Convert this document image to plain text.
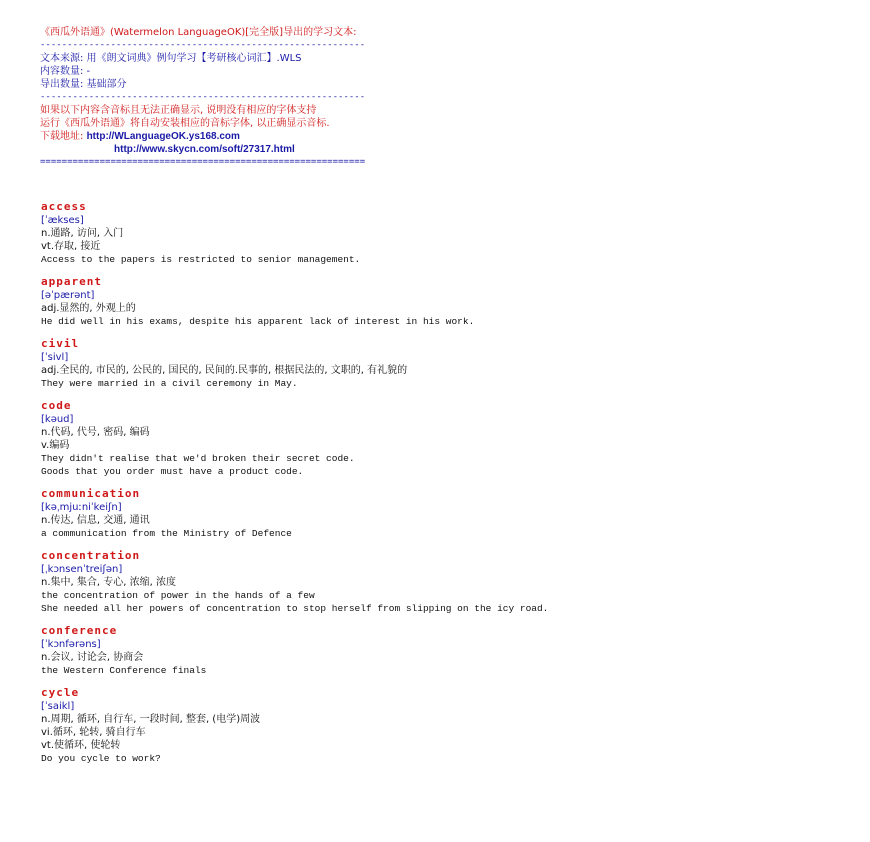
《西瓜外语通》(Watermelon LanguageOK)[完全版]导出的学习文本:
------------------------------------------------------------
文本来源: 用《朗文词典》例句学习【考研核心词汇】.WLS
内容数量: -
导出数量: 基础部分
------------------------------------------------------------
如果以下内容含音标且无法正确显示, 说明没有相应的字体支持
运行《西瓜外语通》将自动安装相应的音标字体, 以正确显示音标.
下载地址: http://WLanguageOK.ys168.com
http://www.skycn.com/soft/27317.html
============================================================
access
[ˈækses]
n.通路, 访问, 入门
vt.存取, 接近
Access to the papers is restricted to senior management.
apparent
[əˈpærənt]
adj.显然的, 外观上的
He did well in his exams, despite his apparent lack of interest in his work.
civil
[ˈsivl]
adj.全民的, 市民的, 公民的, 国民的, 民间的.民事的, 根据民法的, 文职的, 有礼貌的
They were married in a civil ceremony in May.
code
[kəud]
n.代码, 代号, 密码, 编码
v.编码
They didn't realise that we'd broken their secret code.
Goods that you order must have a product code.
communication
[kəˌmjuːniˈkeiʃn]
n.传达, 信息, 交通, 通讯
a communication from the Ministry of Defence
concentration
[ˌkɔnsenˈtreiʃən]
n.集中, 集合, 专心, 浓缩, 浓度
the concentration of power in the hands of a few
She needed all her powers of concentration to stop herself from slipping on the icy road.
conference
[ˈkɔnfərəns]
n.会议, 讨论会, 协商会
the Western Conference finals
cycle
[ˈsaikl]
n.周期, 循环, 自行车, 一段时间, 整套, (电学)周波
vi.循环, 轮转, 骑自行车
vt.使循环, 使轮转
Do you cycle to work?
